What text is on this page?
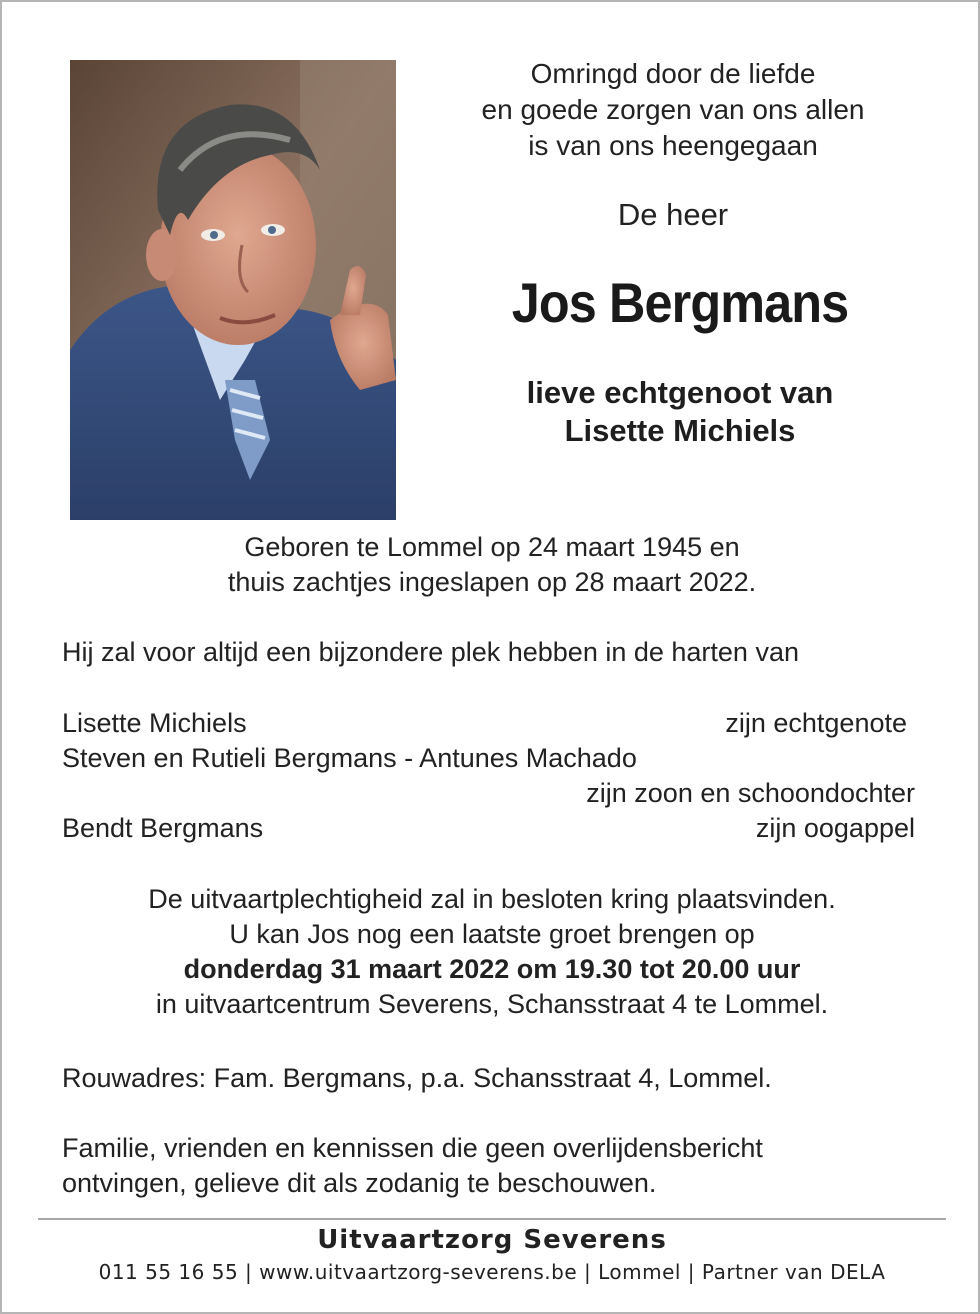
Omringd door de liefde
en goede zorgen van ons allen
is van ons heengegaan
De heer
Jos Bergmans
lieve echtgenoot van
Lisette Michiels
Geboren te Lommel op 24 maart 1945 en
thuis zachtjes ingeslapen op 28 maart 2022.
Hij zal voor altijd een bijzondere plek hebben in de harten van
Lisette Michiels	zijn echtgenote
Steven en Rutieli Bergmans - Antunes Machado
zijn zoon en schoondochter
Bendt Bergmans	zijn oogappel
De uitvaartplechtigheid zal in besloten kring plaatsvinden.
U kan Jos nog een laatste groet brengen op
donderdag 31 maart 2022 om 19.30 tot 20.00 uur
in uitvaartcentrum Severens, Schansstraat 4 te Lommel.
Rouwadres: Fam. Bergmans, p.a. Schansstraat 4, Lommel.
Familie, vrienden en kennissen die geen overlijdensbericht
ontvingen, gelieve dit als zodanig te beschouwen.
Uitvaartzorg Severens
011 55 16 55 | www.uitvaartzorg-severens.be | Lommel | Partner van DELA
